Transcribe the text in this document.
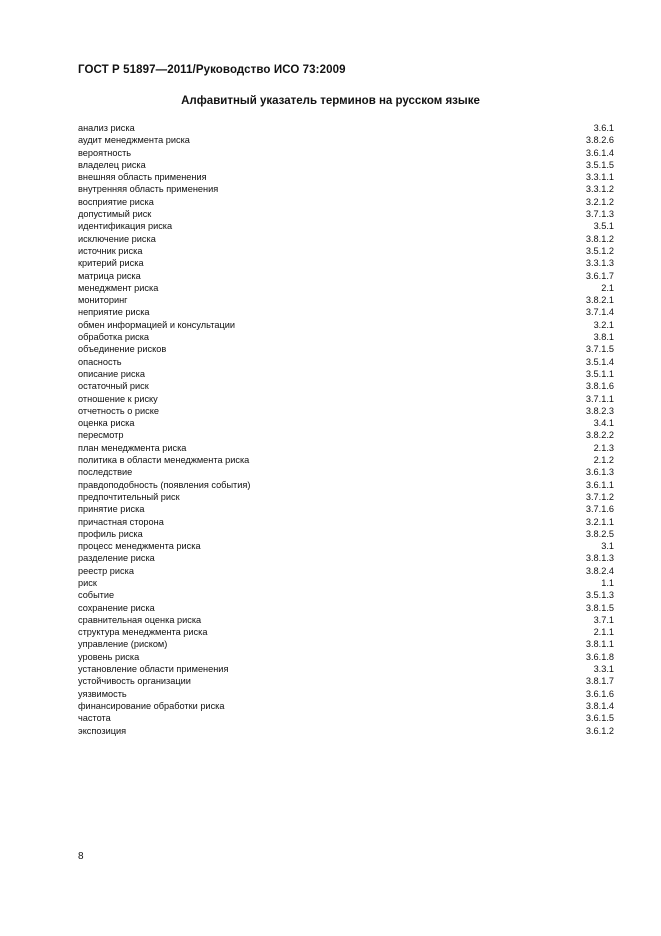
ГОСТ Р 51897—2011/Руководство ИСО 73:2009
Алфавитный указатель терминов на русском языке
анализ риска	3.6.1
аудит менеджмента риска	3.8.2.6
вероятность	3.6.1.4
владелец риска	3.5.1.5
внешняя область применения	3.3.1.1
внутренняя область применения	3.3.1.2
восприятие риска	3.2.1.2
допустимый риск	3.7.1.3
идентификация риска	3.5.1
исключение риска	3.8.1.2
источник риска	3.5.1.2
критерий риска	3.3.1.3
матрица риска	3.6.1.7
менеджмент риска	2.1
мониторинг	3.8.2.1
неприятие риска	3.7.1.4
обмен информацией и консультации	3.2.1
обработка риска	3.8.1
объединение рисков	3.7.1.5
опасность	3.5.1.4
описание риска	3.5.1.1
остаточный риск	3.8.1.6
отношение к риску	3.7.1.1
отчетность о риске	3.8.2.3
оценка риска	3.4.1
пересмотр	3.8.2.2
план менеджмента риска	2.1.3
политика в области менеджмента риска	2.1.2
последствие	3.6.1.3
правдоподобность (появления события)	3.6.1.1
предпочтительный риск	3.7.1.2
принятие риска	3.7.1.6
причастная сторона	3.2.1.1
профиль риска	3.8.2.5
процесс менеджмента риска	3.1
разделение риска	3.8.1.3
реестр риска	3.8.2.4
риск	1.1
событие	3.5.1.3
сохранение риска	3.8.1.5
сравнительная оценка риска	3.7.1
структура менеджмента риска	2.1.1
управление (риском)	3.8.1.1
уровень риска	3.6.1.8
установление области применения	3.3.1
устойчивость организации	3.8.1.7
уязвимость	3.6.1.6
финансирование обработки риска	3.8.1.4
частота	3.6.1.5
экспозиция	3.6.1.2
8
